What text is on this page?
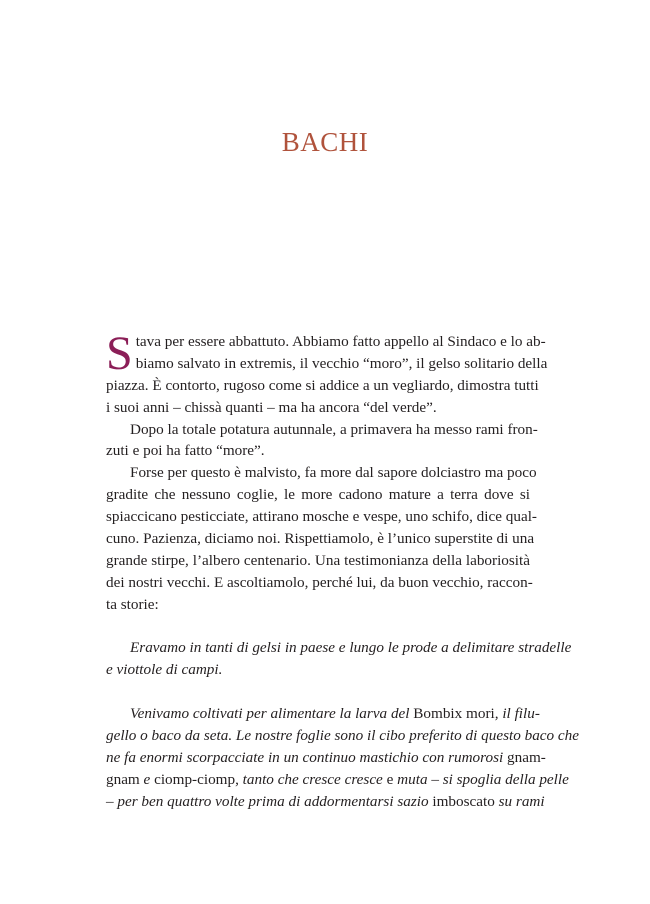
BACHI
S tava per essere abbattuto. Abbiamo fatto appello al Sindaco e lo ab-
biamo salvato in extremis, il vecchio “moro”, il gelso solitario della
piazza. È contorto, rugoso come si addice a un vegliardo, dimostra tutti
i suoi anni – chissà quanti – ma ha ancora “del verde”.
Dopo la totale potatura autunnale, a primavera ha messo rami fron-
zuti e poi ha fatto “more”.
Forse per questo è malvisto, fa more dal sapore dolciastro ma poco
gradite che nessuno coglie, le more cadono mature a terra dove si
spiaccicano pesticciate, attirano mosche e vespe, uno schifo, dice qual-
cuno. Pazienza, diciamo noi. Rispettiamolo, è l’unico superstite di una
grande stirpe, l’albero centenario. Una testimonianza della laboriosità
dei nostri vecchi. E ascoltiamolo, perché lui, da buon vecchio, raccon-
ta storie:
Eravamo in tanti di gelsi in paese e lungo le prode a delimitare stradelle
e viottole di campi.
Venivamo coltivati per alimentare la larva del Bombix mori, il filu-
gello o baco da seta. Le nostre foglie sono il cibo preferito di questo baco che
ne fa enormi scorpacciate in un continuo mastichio con rumorosi gnam-
gnam e ciomp-ciomp, tanto che cresce cresce e muta – si spoglia della pelle
– per ben quattro volte prima di addormentarsi sazio imboscato su rami
